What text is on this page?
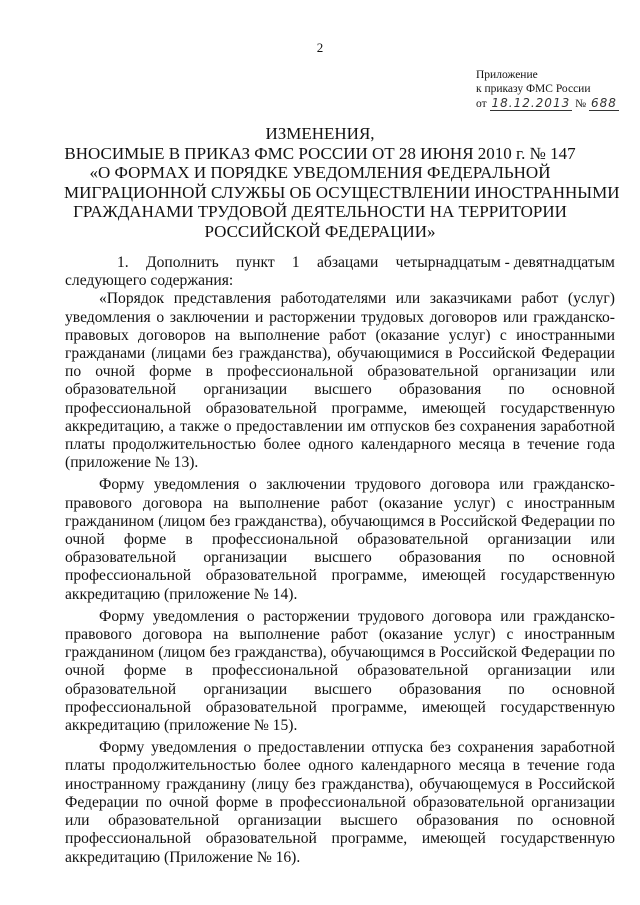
2
Приложение
к приказу ФМС России
от 18.12.2013 № 688
ИЗМЕНЕНИЯ,
ВНОСИМЫЕ В ПРИКАЗ ФМС РОССИИ ОТ 28 ИЮНЯ 2010 г. № 147
«О ФОРМАХ И ПОРЯДКЕ УВЕДОМЛЕНИЯ ФЕДЕРАЛЬНОЙ
МИГРАЦИОННОЙ СЛУЖБЫ ОБ ОСУЩЕСТВЛЕНИИ ИНОСТРАННЫМИ
ГРАЖДАНАМИ ТРУДОВОЙ ДЕЯТЕЛЬНОСТИ НА ТЕРРИТОРИИ
РОССИЙСКОЙ ФЕДЕРАЦИИ»
1. Дополнить пункт 1 абзацами четырнадцатым - девятнадцатым

следующего содержания:

«Порядок представления работодателями или заказчиками работ (услуг) уведомления о заключении и расторжении трудовых договоров или гражданско-правовых договоров на выполнение работ (оказание услуг) с иностранными гражданами (лицами без гражданства), обучающимися в Российской Федерации по очной форме в профессиональной образовательной организации или образовательной организации высшего образования по основной профессиональной образовательной программе, имеющей государственную аккредитацию, а также о предоставлении им отпусков без сохранения заработной платы продолжительностью более одного календарного месяца в течение года (приложение № 13).

Форму уведомления о заключении трудового договора или гражданско-правового договора на выполнение работ (оказание услуг) с иностранным гражданином (лицом без гражданства), обучающимся в Российской Федерации по очной форме в профессиональной образовательной организации или образовательной организации высшего образования по основной профессиональной образовательной программе, имеющей государственную аккредитацию (приложение № 14).

Форму уведомления о расторжении трудового договора или гражданско-правового договора на выполнение работ (оказание услуг) с иностранным гражданином (лицом без гражданства), обучающимся в Российской Федерации по очной форме в профессиональной образовательной организации или образовательной организации высшего образования по основной профессиональной образовательной программе, имеющей государственную аккредитацию (приложение № 15).

Форму уведомления о предоставлении отпуска без сохранения заработной платы продолжительностью более одного календарного месяца в течение года иностранному гражданину (лицу без гражданства), обучающемуся в Российской Федерации по очной форме в профессиональной образовательной организации или образовательной организации высшего образования по основной профессиональной образовательной программе, имеющей государственную аккредитацию (Приложение № 16).
